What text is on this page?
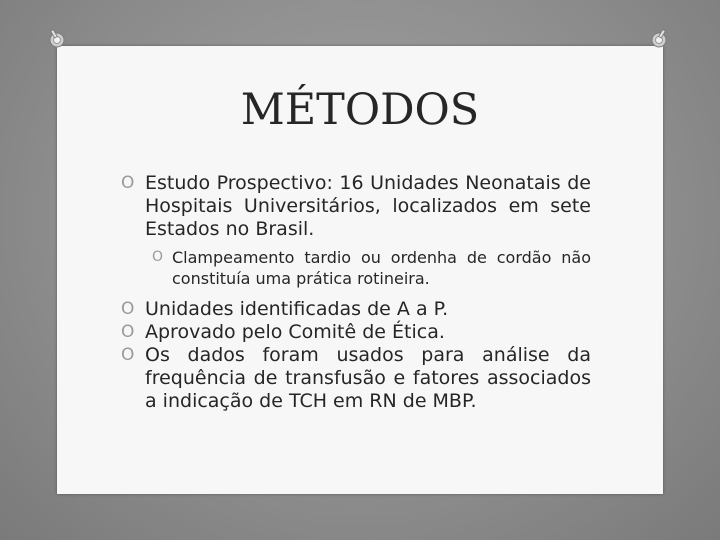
MÉTODOS
O Estudo Prospectivo: 16 Unidades Neonatais de Hospitais Universitários, localizados em sete Estados no Brasil.
O Clampeamento tardio ou ordenha de cordão não constituía uma prática rotineira.
O Unidades identificadas de A a P.
O Aprovado pelo Comitê de Ética.
O Os dados foram usados para análise da frequência de transfusão e fatores associados a indicação de TCH em RN de MBP.
